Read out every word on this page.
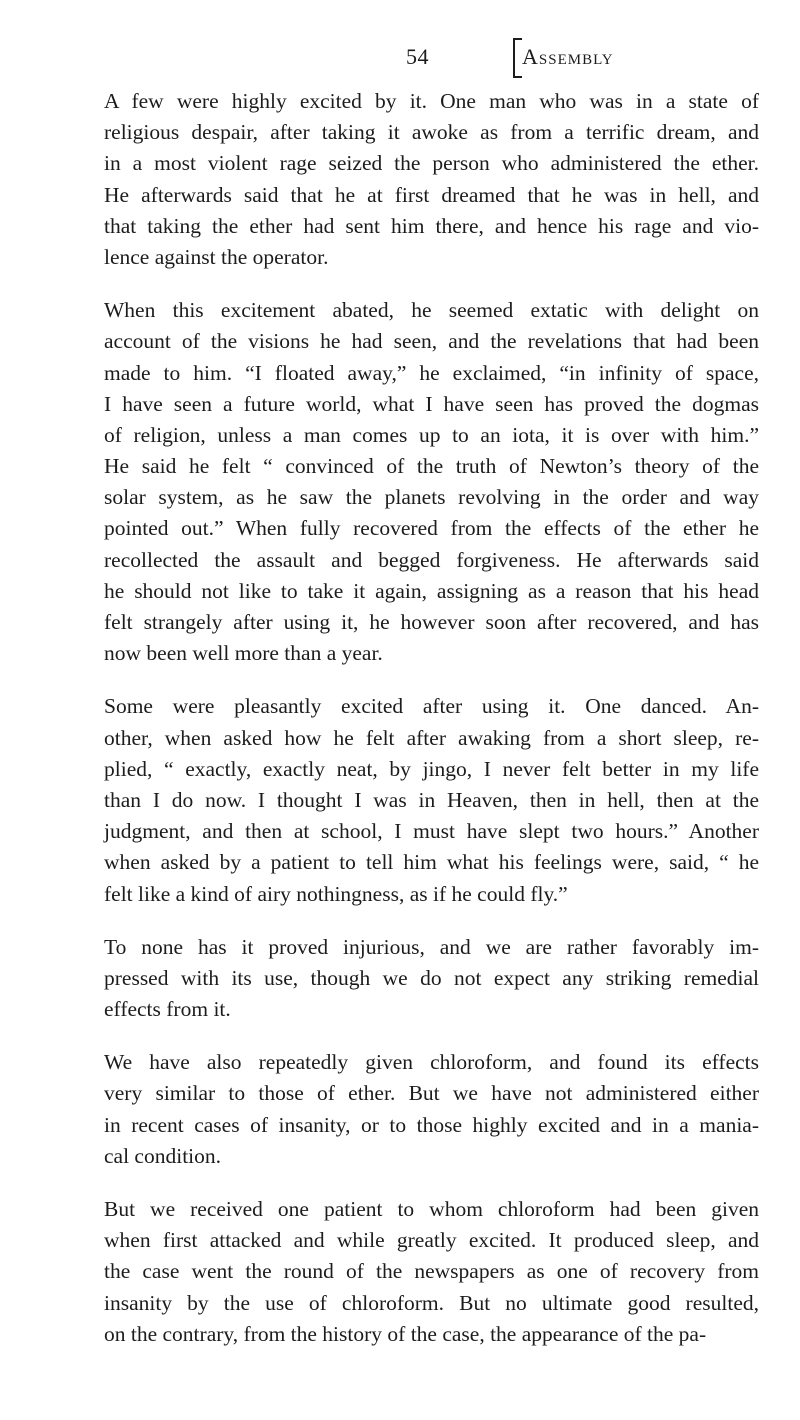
54	Assembly

A few were highly excited by it. One man who was in a state of
religious despair, after taking it awoke as from a terrific dream, and
in a most violent rage seized the person who administered the ether.
He afterwards said that he at first dreamed that he was in hell, and
that taking the ether had sent him there, and hence his rage and vio-
lence against the operator.

When this excitement abated, he seemed extatic with delight on
account of the visions he had seen, and the revelations that had been
made to him. “I floated away,” he exclaimed, “in infinity of space,
I have seen a future world, what I have seen has proved the dogmas
of religion, unless a man comes up to an iota, it is over with him.”
He said he felt “ convinced of the truth of Newton’s theory of the
solar system, as he saw the planets revolving in the order and way
pointed out.” When fully recovered from the effects of the ether he
recollected the assault and begged forgiveness. He afterwards said
he should not like to take it again, assigning as a reason that his head
felt strangely after using it, he however soon after recovered, and has
now been well more than a year.

Some were pleasantly excited after using it. One danced. An-
other, when asked how he felt after awaking from a short sleep, re-
plied, “ exactly, exactly neat, by jingo, I never felt better in my life
than I do now. I thought I was in Heaven, then in hell, then at the
judgment, and then at school, I must have slept two hours.” Another
when asked by a patient to tell him what his feelings were, said, “ he
felt like a kind of airy nothingness, as if he could fly.”

To none has it proved injurious, and we are rather favorably im-
pressed with its use, though we do not expect any striking remedial
effects from it.

We have also repeatedly given chloroform, and found its effects
very similar to those of ether. But we have not administered either
in recent cases of insanity, or to those highly excited and in a mania-
cal condition.

But we received one patient to whom chloroform had been given
when first attacked and while greatly excited. It produced sleep, and
the case went the round of the newspapers as one of recovery from
insanity by the use of chloroform. But no ultimate good resulted,
on the contrary, from the history of the case, the appearance of the pa-
